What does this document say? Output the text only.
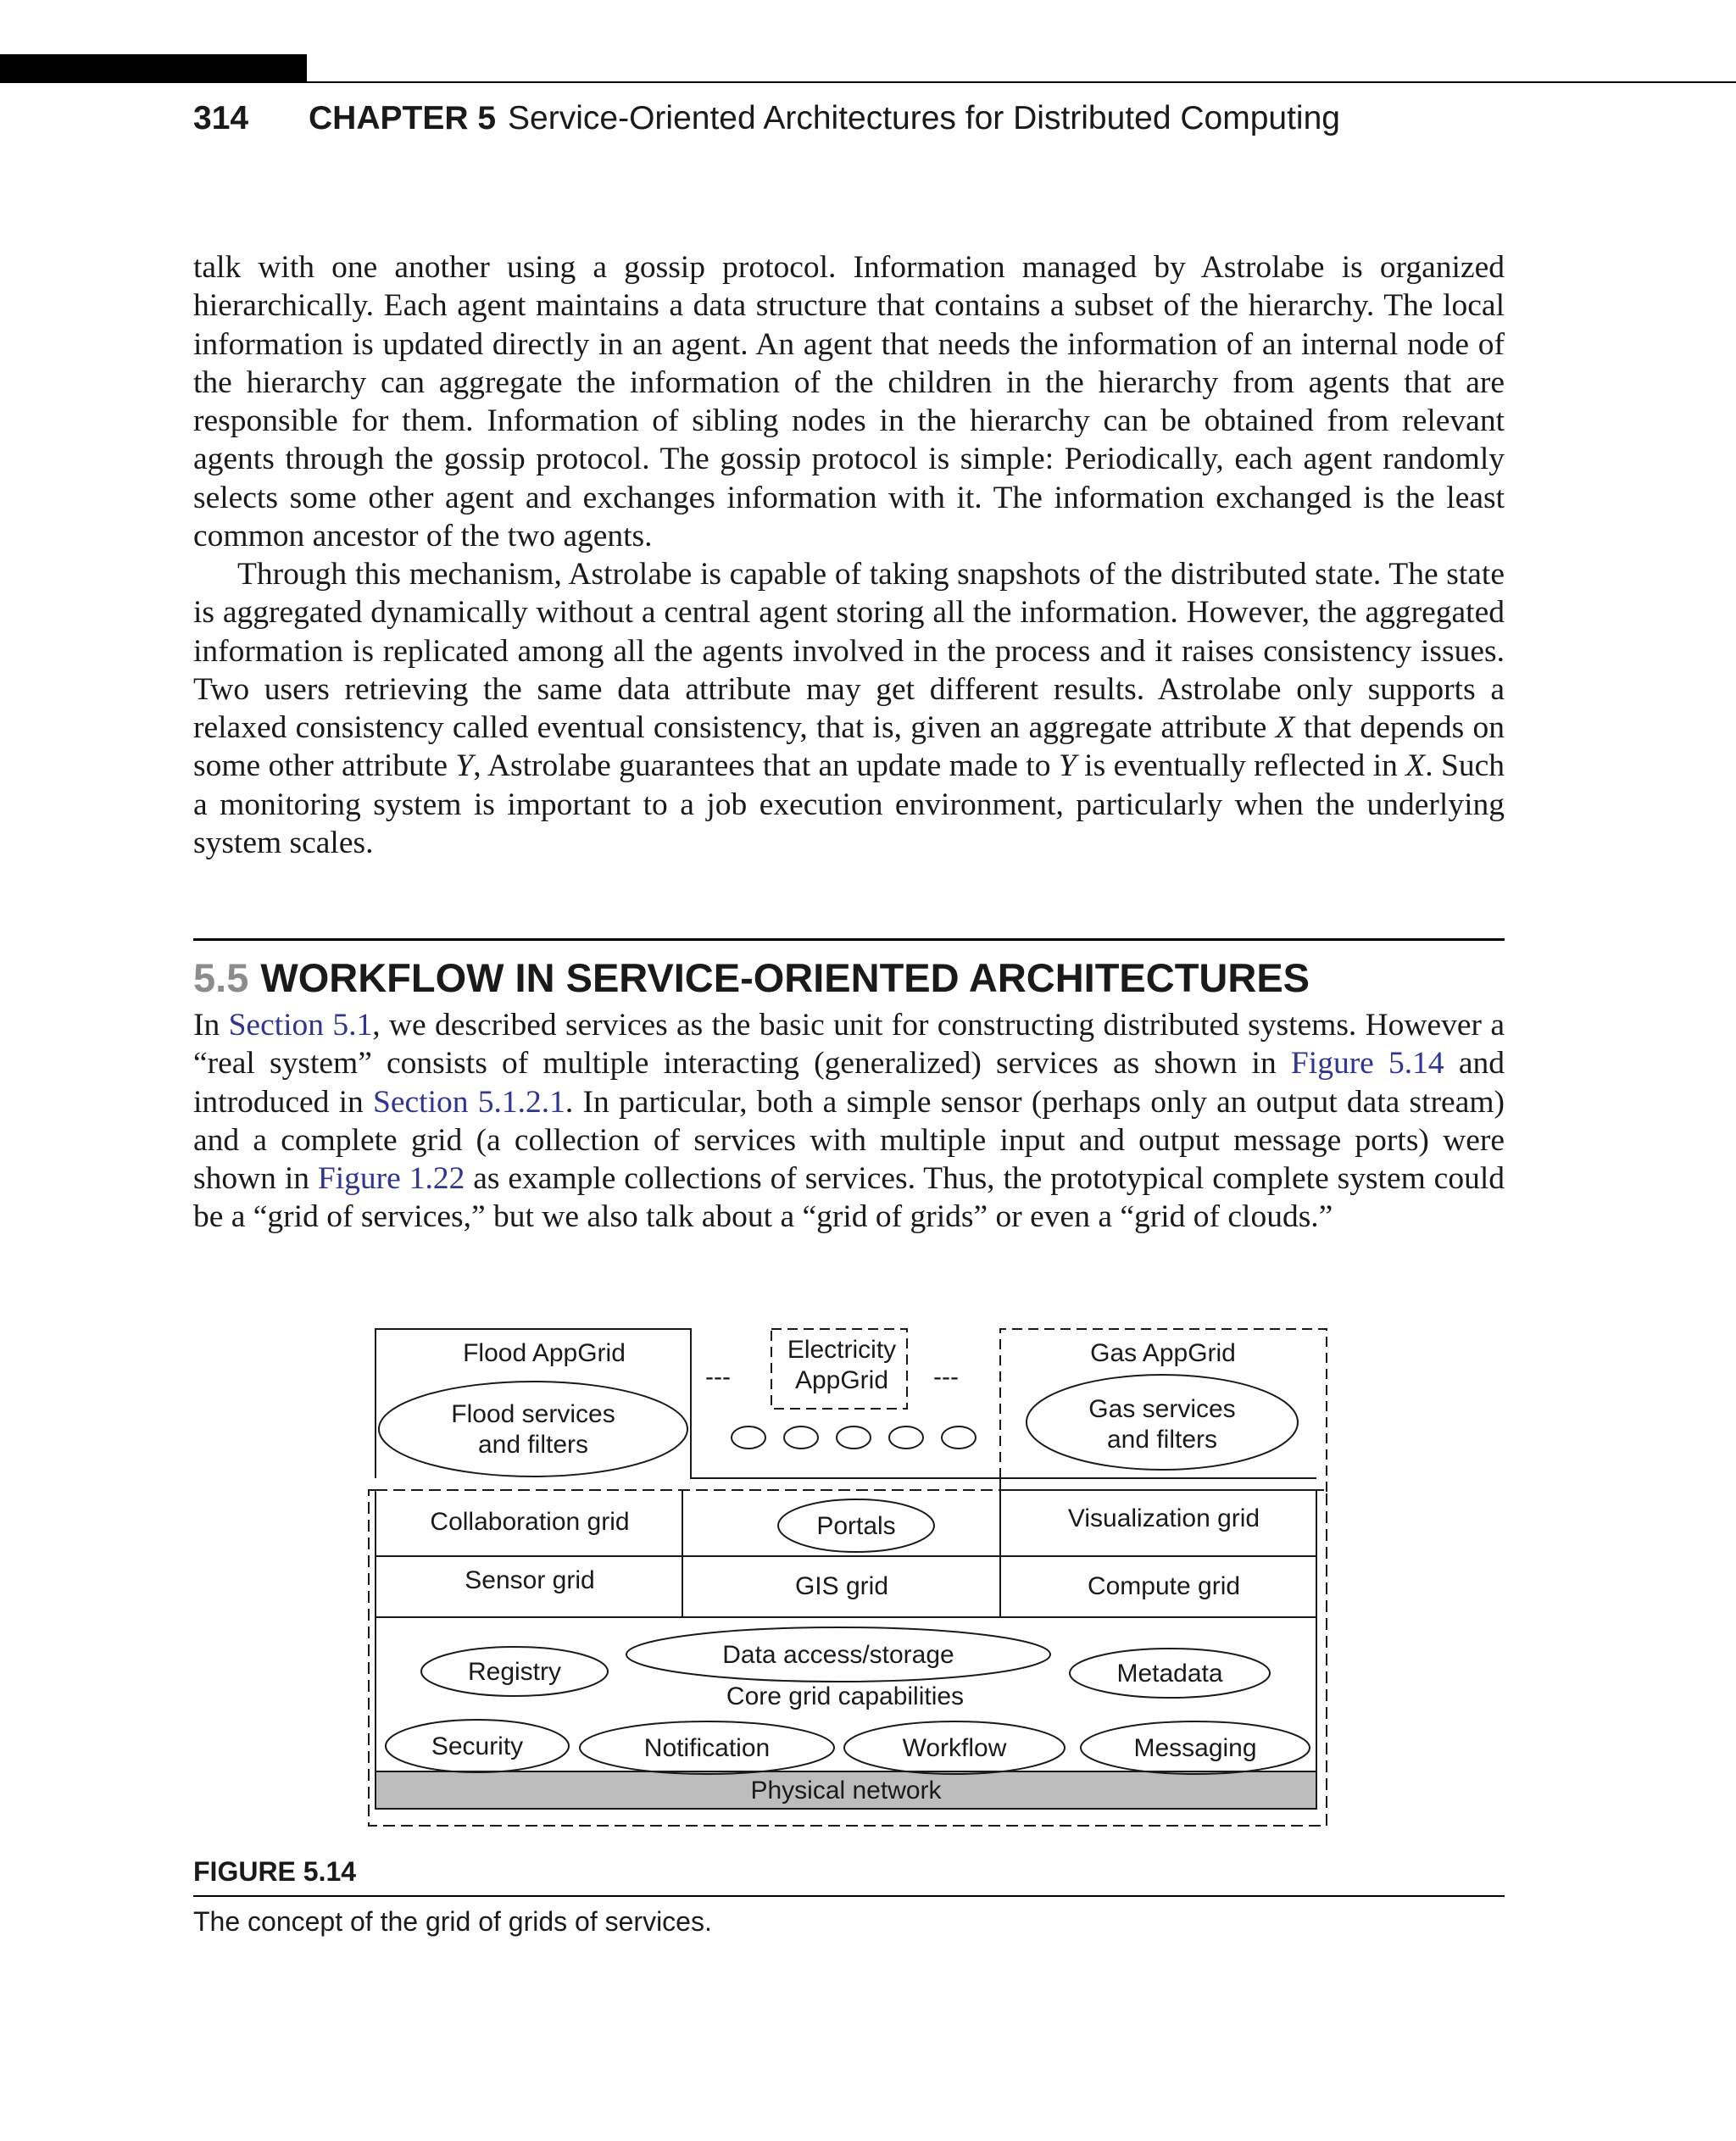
314 CHAPTER 5 Service-Oriented Architectures for Distributed Computing

talk with one another using a gossip protocol. Information managed by Astrolabe is organized hierarchically. Each agent maintains a data structure that contains a subset of the hierarchy. The local information is updated directly in an agent. An agent that needs the information of an internal node of the hierarchy can aggregate the information of the children in the hierarchy from agents that are responsible for them. Information of sibling nodes in the hierarchy can be obtained from relevant agents through the gossip protocol. The gossip protocol is simple: Periodically, each agent randomly selects some other agent and exchanges information with it. The information exchanged is the least common ancestor of the two agents.

Through this mechanism, Astrolabe is capable of taking snapshots of the distributed state. The state is aggregated dynamically without a central agent storing all the information. However, the aggregated information is replicated among all the agents involved in the process and it raises consistency issues. Two users retrieving the same data attribute may get different results. Astrolabe only supports a relaxed consistency called eventual consistency, that is, given an aggregate attribute X that depends on some other attribute Y, Astrolabe guarantees that an update made to Y is eventually reflected in X. Such a monitoring system is important to a job execution environment, particularly when the underlying system scales.

5.5 WORKFLOW IN SERVICE-ORIENTED ARCHITECTURES

In Section 5.1, we described services as the basic unit for constructing distributed systems. However a “real system” consists of multiple interacting (generalized) services as shown in Figure 5.14 and introduced in Section 5.1.2.1. In particular, both a simple sensor (perhaps only an output data stream) and a complete grid (a collection of services with multiple input and output message ports) were shown in Figure 1.22 as example collections of services. Thus, the prototypical complete system could be a “grid of services,” but we also talk about a “grid of grids” or even a “grid of clouds.”

Flood AppGrid
Flood services
and filters
Electricity
AppGrid
---	---
Gas AppGrid
Gas services
and filters
Collaboration grid	Portals	Visualization grid
Sensor grid	GIS grid	Compute grid
Registry
Data access/storage
Metadata
Core grid capabilities
Security	Notification	Workflow	Messaging
Physical network
FIGURE 5.14
The concept of the grid of grids of services.
